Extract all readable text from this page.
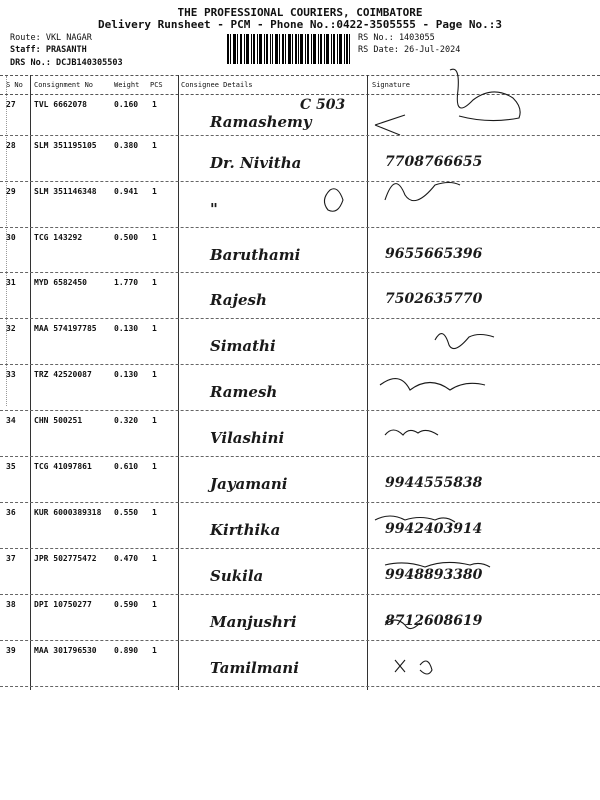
THE PROFESSIONAL COURIERS, COIMBATORE
Delivery Runsheet - PCM - Phone No.:0422-3505555 - Page No.:3
Route: VKL NAGAR
Staff: PRASANTH
DRS No.: DCJB140305503
RS No.: 1403055
RS Date: 26-Jul-2024
S No Consignment No	Weight PCS	Consignee Details	Signature
27 TVL 6662078	0.160 1
Ramashemy
C 503
28 SLM 351195105 0.380 1
Dr. Nivitha	7708766655
29 SLM 351146348 0.941 1
"
30 TCG 143292	0.500 1
Baruthami	9655665396
31 MYD 6582450	1.770 1
Rajesh	7502635770
32 MAA 574197785 0.130 1
Simathi
33 TRZ 42520087	0.130 1
Ramesh
34 CHN 500251	0.320 1
Vilashini
35 TCG 41097861	0.610 1
Jayamani	9944555838
36 KUR 6000389318 0.550 1
Kirthika	9942403914
37 JPR 502775472 0.470 1
Sukila	9948893380
38 DPI 10750277	0.590 1
Manjushri	8712608619
39 MAA 301796530 0.890 1
Tamilmani
